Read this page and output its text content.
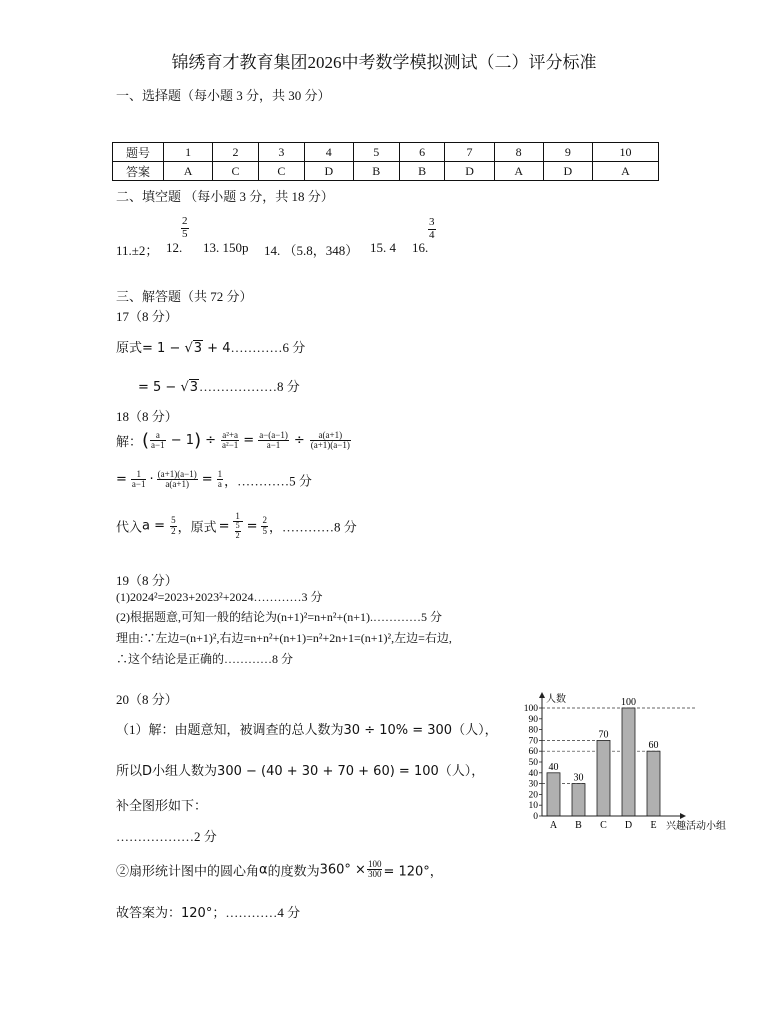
锦绣育才教育集团2026中考数学模拟测试（二）评分标准
一、选择题（每小题 3 分，共 30 分）
题号	1	2	3	4	5	6	7	8	9	10
答案	A	C	C	D	B	B	D	A	D	A
二、填空题 （每小题 3 分，共 18 分）
11.±2； 12.
$\frac{2}{5}$
13. 150p 14. （5.8，348） 15. 4 16.
$\frac{3}{4}$
三、解答题（共 72 分）
17（8 分）
原式= 1 − √3 + 4…………6 分
= 5 − √3………………8 分
18（8 分）
解：( $\frac{a}{a-1} - 1) \div \frac{\text{a²+a}}{\text{a²−1}} = \frac{a-(a-1)}{a-1} \div \frac{a(a+1)}{(a+1)(a-1)}$
= $\frac{1}{a-1} \cdot \frac{(a+1)(a-1)}{a(a+1)} = \frac{1}{a}$ ，…………5 分
代入$a = \frac{5}{2}$ ，原式 = $\frac{1}{\frac{5}{2}} = \frac{2}{5}$ ，…………8 分
19（8 分）
(1)2024²=2023+2023²+2024…………3 分
(2)根据题意,可知一般的结论为(n+1)²=n+n²+(n+1).…………5 分
理由:∵左边=(n+1)²,右边=n+n²+(n+1)=n²+2n+1=(n+1)²,左边=右边,
∴这个结论是正确的…………8 分
20（8 分）
（1）解：由题意知，被调查的总人数为30 ÷ 10% = 300（人），
所以D小组人数为300 − (40 + 30 + 70 + 60) = 100（人），
补全图形如下：
………………2 分
②扇形统计图中的圆心角α的度数为$360^\circ \times \frac{100}{300} = 120^\circ$，
故答案为：120°；…………4 分
40
A
30
B
70
C
100
D
60
E
0
10
20
30
40
50
60
70
80
90
100
人数
兴趣活动小组
